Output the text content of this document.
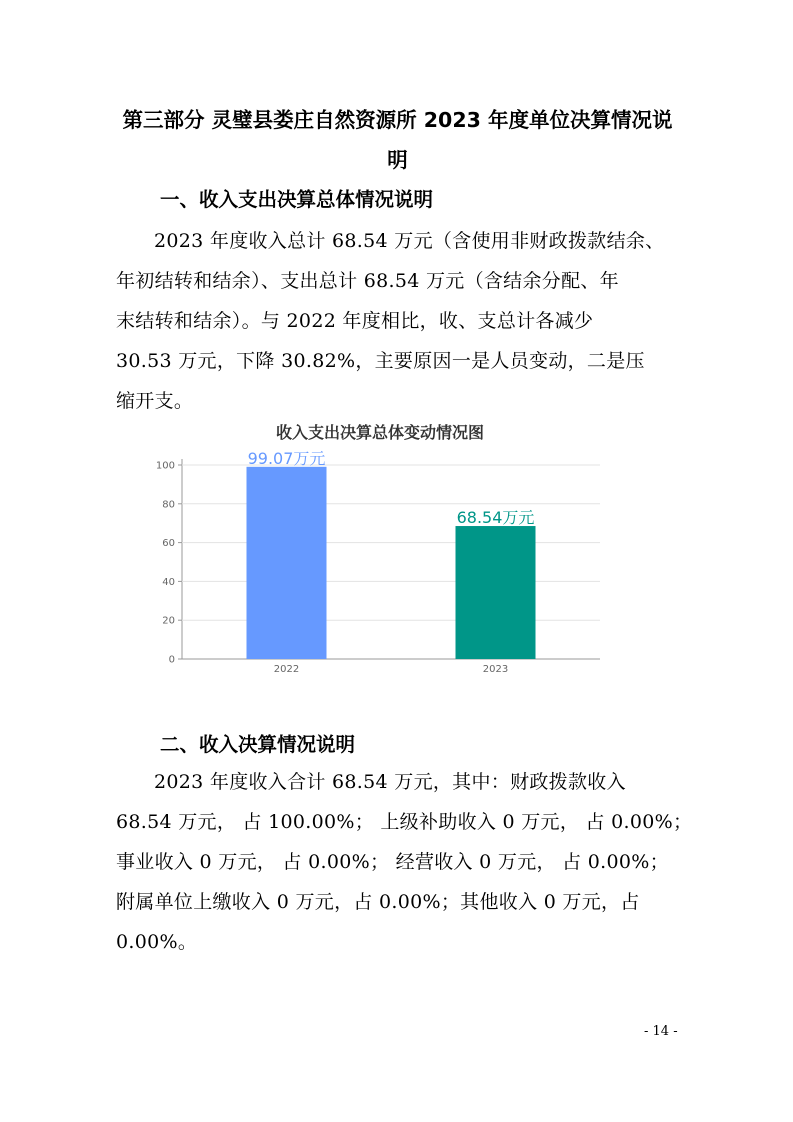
第三部分 灵璧县娄庄自然资源所 2023 年度单位决算情况说
明
一、收入支出决算总体情况说明
2023 年度收入总计 68.54 万元（含使用非财政拨款结余、
年初结转和结余）、支出总计 68.54 万元（含结余分配、年
末结转和结余）。与 2022 年度相比，收、支总计各减少
30.53 万元，下降 30.82%，主要原因一是人员变动，二是压
缩开支。
收入支出决算总体变动情况图
0
20
40
60
80
100	99.07万元
68.54万元
2022	2023
二、收入决算情况说明
2023 年度收入合计 68.54 万元，其中：财政拨款收入
68.54 万元， 占 100.00%； 上级补助收入 0 万元， 占 0.00%；
事业收入 0 万元， 占 0.00%； 经营收入 0 万元， 占 0.00%；
附属单位上缴收入 0 万元，占 0.00%；其他收入 0 万元，占
0.00%。
- 14 -
